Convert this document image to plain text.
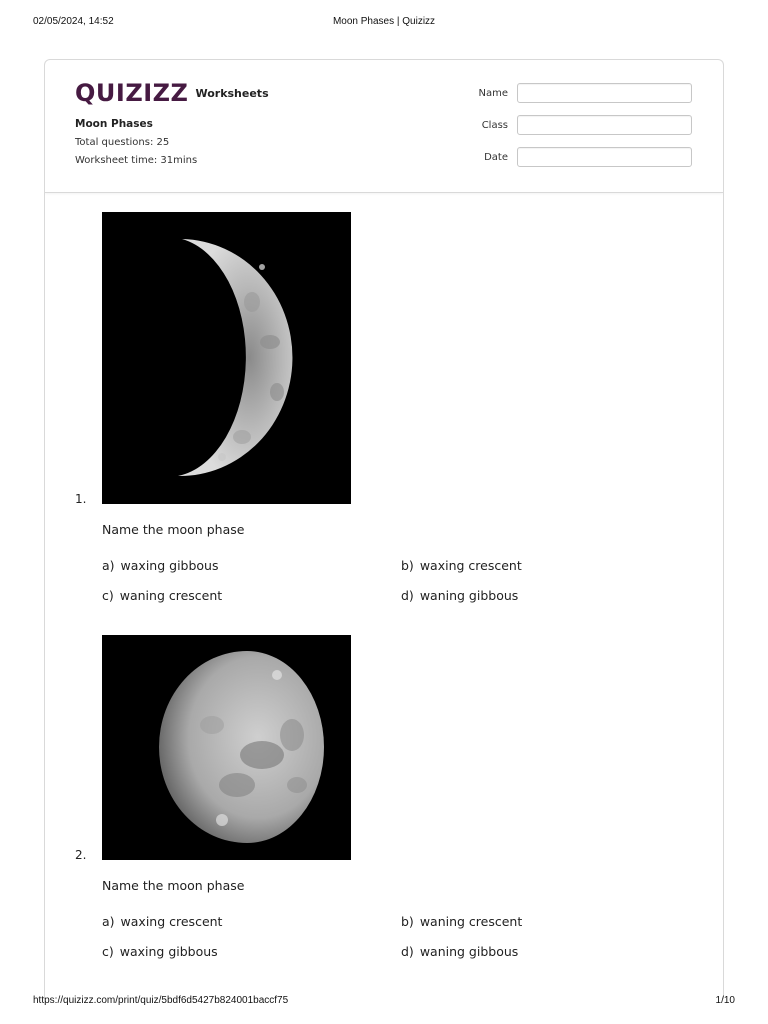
02/05/2024, 14:52	Moon Phases | Quizizz
QUIZIZZ Worksheets
Moon Phases
Total questions: 25
Worksheet time: 31mins
Name
Class
Date
1.
Name the moon phase
a) waxing gibbous	b) waxing crescent
c) waning crescent	d) waning gibbous
2.
Name the moon phase
a) waxing crescent	b) waning crescent
c) waxing gibbous	d) waning gibbous
https://quizizz.com/print/quiz/5bdf6d5427b824001baccf75	1/10
